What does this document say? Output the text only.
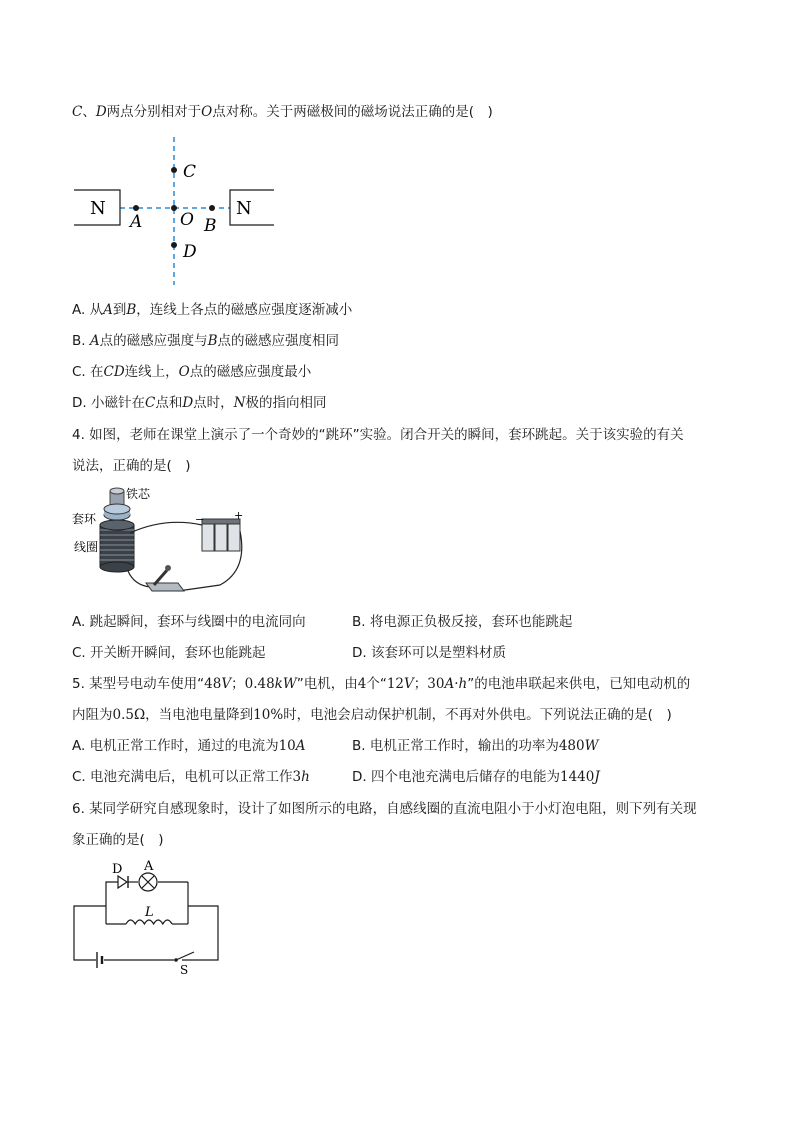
C、D两点分别相对于O点对称。关于两磁极间的磁场说法正确的是(　)
N	N
A O B
C
D
A. 从A到B，连线上各点的磁感应强度逐渐减小
B. A点的磁感应强度与B点的磁感应强度相同
C. 在CD连线上，O点的磁感应强度最小
D. 小磁针在C点和D点时，N极的指向相同
4. 如图，老师在课堂上演示了一个奇妙的“跳环”实验。闭合开关的瞬间，套环跳起。关于该实验的有关
说法，正确的是(　)
−	+
铁芯
套环
线圈
A. 跳起瞬间，套环与线圈中的电流同向	B. 将电源正负极反接，套环也能跳起
C. 开关断开瞬间，套环也能跳起	D. 该套环可以是塑料材质
5. 某型号电动车使用“48V；0.48kW”电机，由4个“12V；30A·h”的电池串联起来供电，已知电动机的
内阻为0.5Ω，当电池电量降到10%时，电池会启动保护机制，不再对外供电。下列说法正确的是(　)
A. 电机正常工作时，通过的电流为10A	B. 电机正常工作时，输出的功率为480W
C. 电池充满电后，电机可以正常工作3h	D. 四个电池充满电后储存的电能为1440J
6. 某同学研究自感现象时，设计了如图所示的电路，自感线圈的直流电阻小于小灯泡电阻，则下列有关现
象正确的是(　)
D A
L
S
